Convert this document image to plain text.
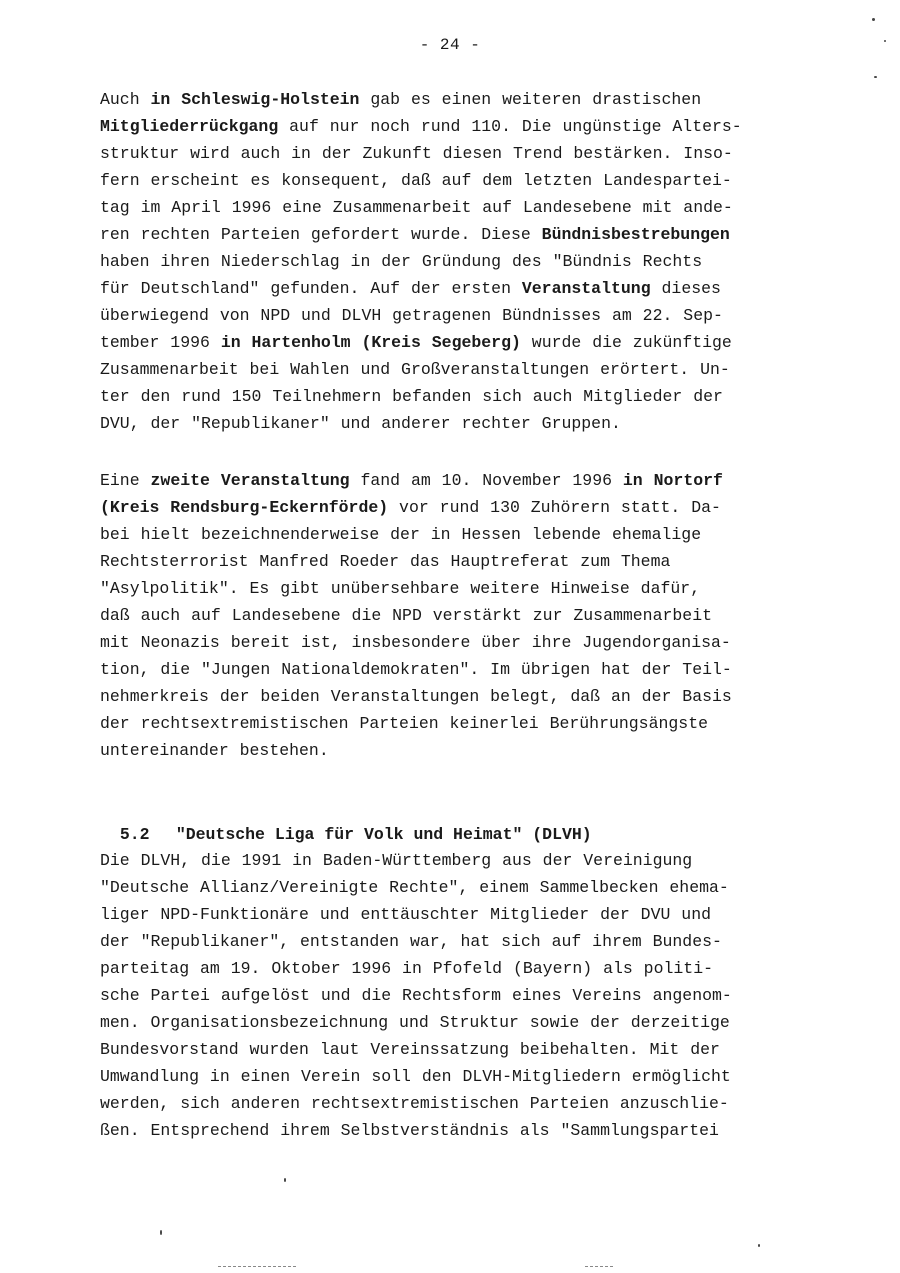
- 24 -
Auch in Schleswig-Holstein gab es einen weiteren drastischen
Mitgliederrückgang auf nur noch rund 110. Die ungünstige Alters-
struktur wird auch in der Zukunft diesen Trend bestärken. Inso-
fern erscheint es konsequent, daß auf dem letzten Landespartei-
tag im April 1996 eine Zusammenarbeit auf Landesebene mit ande-
ren rechten Parteien gefordert wurde. Diese Bündnisbestrebungen
haben ihren Niederschlag in der Gründung des "Bündnis Rechts
für Deutschland" gefunden. Auf der ersten Veranstaltung dieses
überwiegend von NPD und DLVH getragenen Bündnisses am 22. Sep-
tember 1996 in Hartenholm (Kreis Segeberg) wurde die zukünftige
Zusammenarbeit bei Wahlen und Großveranstaltungen erörtert. Un-
ter den rund 150 Teilnehmern befanden sich auch Mitglieder der
DVU, der "Republikaner" und anderer rechter Gruppen.
Eine zweite Veranstaltung fand am 10. November 1996 in Nortorf
(Kreis Rendsburg-Eckernförde) vor rund 130 Zuhörern statt. Da-
bei hielt bezeichnenderweise der in Hessen lebende ehemalige
Rechtsterrorist Manfred Roeder das Hauptreferat zum Thema
"Asylpolitik". Es gibt unübersehbare weitere Hinweise dafür,
daß auch auf Landesebene die NPD verstärkt zur Zusammenarbeit
mit Neonazis bereit ist, insbesondere über ihre Jugendorganisa-
tion, die "Jungen Nationaldemokraten". Im übrigen hat der Teil-
nehmerkreis der beiden Veranstaltungen belegt, daß an der Basis
der rechtsextremistischen Parteien keinerlei Berührungsängste
untereinander bestehen.

5.2 "Deutsche Liga für Volk und Heimat" (DLVH)

Die DLVH, die 1991 in Baden-Württemberg aus der Vereinigung
"Deutsche Allianz/Vereinigte Rechte", einem Sammelbecken ehema-
liger NPD-Funktionäre und enttäuschter Mitglieder der DVU und
der "Republikaner", entstanden war, hat sich auf ihrem Bundes-
parteitag am 19. Oktober 1996 in Pfofeld (Bayern) als politi-
sche Partei aufgelöst und die Rechtsform eines Vereins angenom-
men. Organisationsbezeichnung und Struktur sowie der derzeitige
Bundesvorstand wurden laut Vereinssatzung beibehalten. Mit der
Umwandlung in einen Verein soll den DLVH-Mitgliedern ermöglicht
werden, sich anderen rechtsextremistischen Parteien anzuschlie-
ßen. Entsprechend ihrem Selbstverständnis als "Sammlungspartei
